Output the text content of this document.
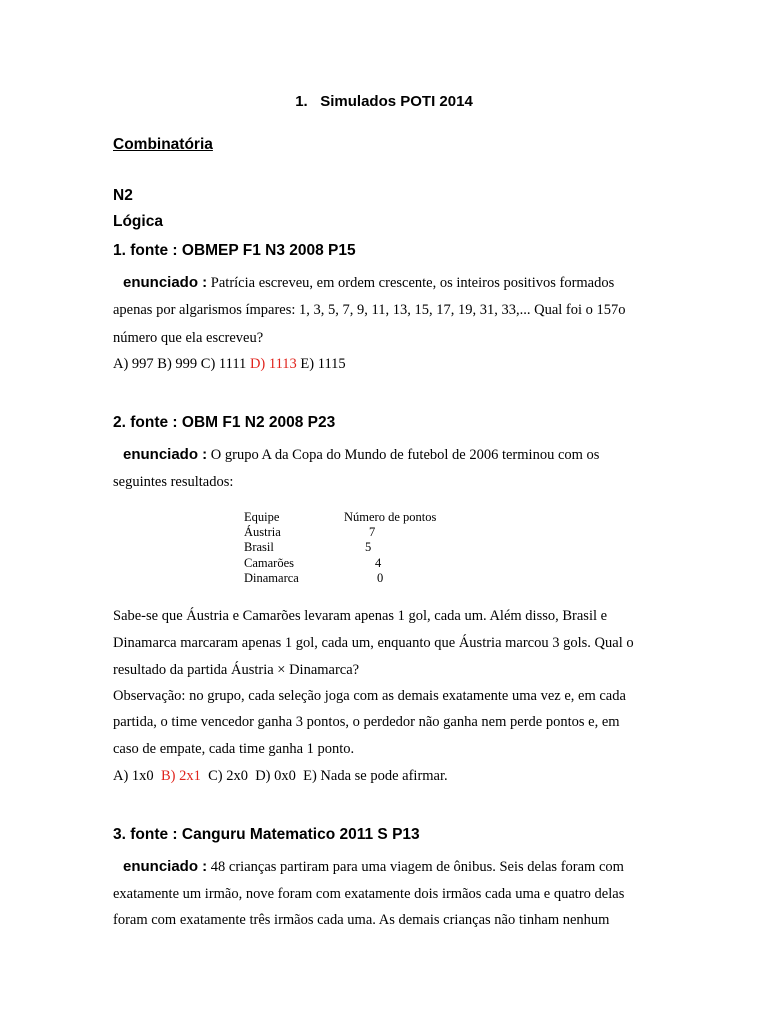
1. Simulados POTI 2014
Combinatória
N2
Lógica
1. fonte : OBMEP F1 N3 2008 P15
enunciado : Patrícia escreveu, em ordem crescente, os inteiros positivos formados
apenas por algarismos ímpares: 1, 3, 5, 7, 9, 11, 13, 15, 17, 19, 31, 33,... Qual foi o 157o
número que ela escreveu?
A) 997 B) 999 C) 1111 D) 1113 E) 1115
2. fonte : OBM F1 N2 2008 P23
enunciado : O grupo A da Copa do Mundo de futebol de 2006 terminou com os
seguintes resultados:
Equipe	Número de pontos
Áustria	7
Brasil	5
Camarões	4
Dinamarca	0
Sabe-se que Áustria e Camarões levaram apenas 1 gol, cada um. Além disso, Brasil e
Dinamarca marcaram apenas 1 gol, cada um, enquanto que Áustria marcou 3 gols. Qual o
resultado da partida Áustria × Dinamarca?
Observação: no grupo, cada seleção joga com as demais exatamente uma vez e, em cada
partida, o time vencedor ganha 3 pontos, o perdedor não ganha nem perde pontos e, em
caso de empate, cada time ganha 1 ponto.
A) 1x0  B) 2x1  C) 2x0  D) 0x0  E) Nada se pode afirmar.
3. fonte : Canguru Matematico 2011 S P13
enunciado : 48 crianças partiram para uma viagem de ônibus. Seis delas foram com
exatamente um irmão, nove foram com exatamente dois irmãos cada uma e quatro delas
foram com exatamente três irmãos cada uma. As demais crianças não tinham nenhum
